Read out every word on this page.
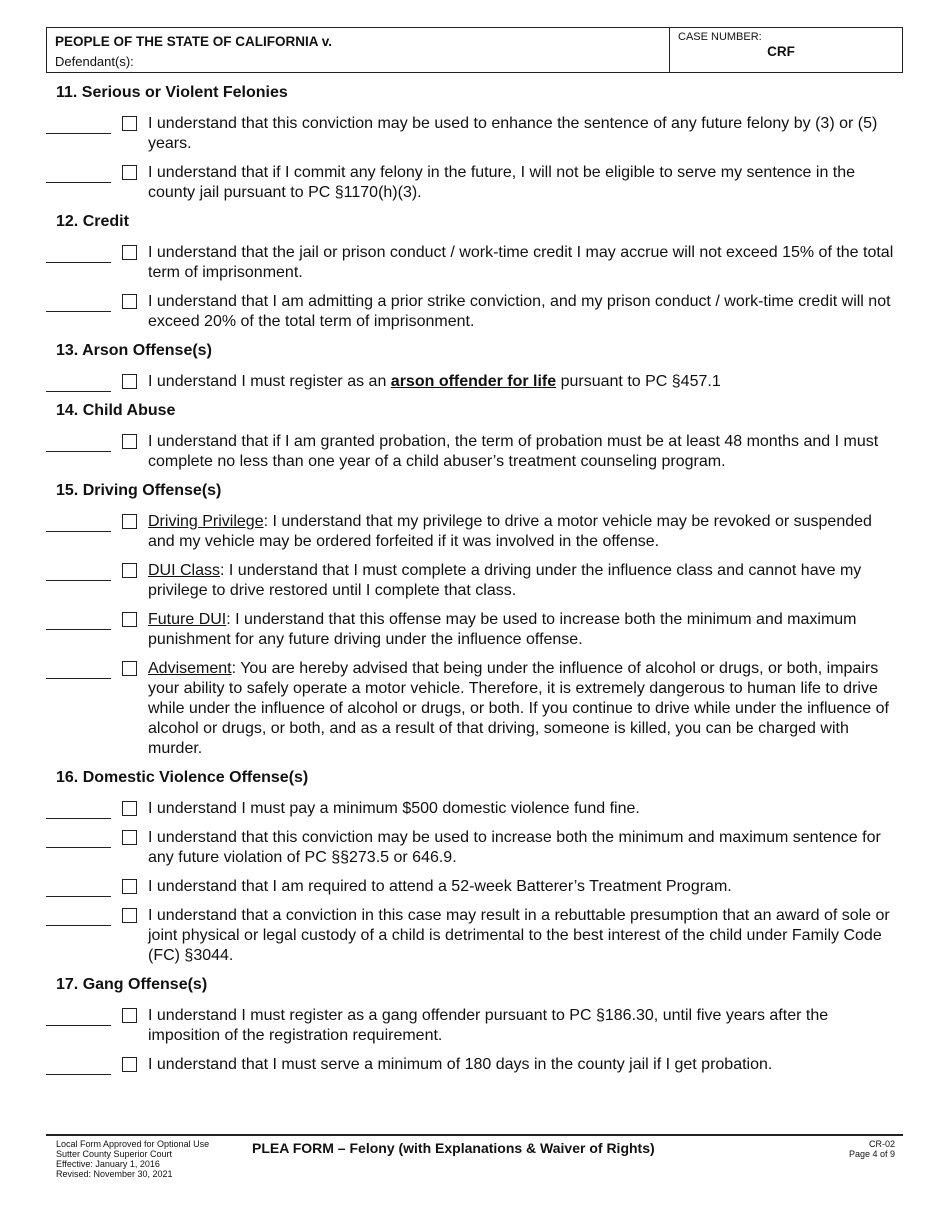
PEOPLE OF THE STATE OF CALIFORNIA v.
Defendant(s):
CASE NUMBER:
CRF
11. Serious or Violent Felonies
I understand that this conviction may be used to enhance the sentence of any future felony by (3) or (5) years.
I understand that if I commit any felony in the future, I will not be eligible to serve my sentence in the county jail pursuant to PC §1170(h)(3).
12. Credit
I understand that the jail or prison conduct / work-time credit I may accrue will not exceed 15% of the total term of imprisonment.
I understand that I am admitting a prior strike conviction, and my prison conduct / work-time credit will not exceed 20% of the total term of imprisonment.
13. Arson Offense(s)
I understand I must register as an arson offender for life pursuant to PC §457.1
14. Child Abuse
I understand that if I am granted probation, the term of probation must be at least 48 months and I must complete no less than one year of a child abuser’s treatment counseling program.
15. Driving Offense(s)
Driving Privilege: I understand that my privilege to drive a motor vehicle may be revoked or suspended and my vehicle may be ordered forfeited if it was involved in the offense.
DUI Class: I understand that I must complete a driving under the influence class and cannot have my privilege to drive restored until I complete that class.
Future DUI: I understand that this offense may be used to increase both the minimum and maximum punishment for any future driving under the influence offense.
Advisement: You are hereby advised that being under the influence of alcohol or drugs, or both, impairs your ability to safely operate a motor vehicle. Therefore, it is extremely dangerous to human life to drive while under the influence of alcohol or drugs, or both. If you continue to drive while under the influence of alcohol or drugs, or both, and as a result of that driving, someone is killed, you can be charged with murder.
16. Domestic Violence Offense(s)
I understand I must pay a minimum $500 domestic violence fund fine.
I understand that this conviction may be used to increase both the minimum and maximum sentence for any future violation of PC §§273.5 or 646.9.
I understand that I am required to attend a 52-week Batterer’s Treatment Program.
I understand that a conviction in this case may result in a rebuttable presumption that an award of sole or joint physical or legal custody of a child is detrimental to the best interest of the child under Family Code (FC) §3044.
17. Gang Offense(s)
I understand I must register as a gang offender pursuant to PC §186.30, until five years after the imposition of the registration requirement.
I understand that I must serve a minimum of 180 days in the county jail if I get probation.
Local Form Approved for Optional Use
Sutter County Superior Court
Effective: January 1, 2016
Revised: November 30, 2021
PLEA FORM – Felony (with Explanations & Waiver of Rights)	CR-02
Page 4 of 9
